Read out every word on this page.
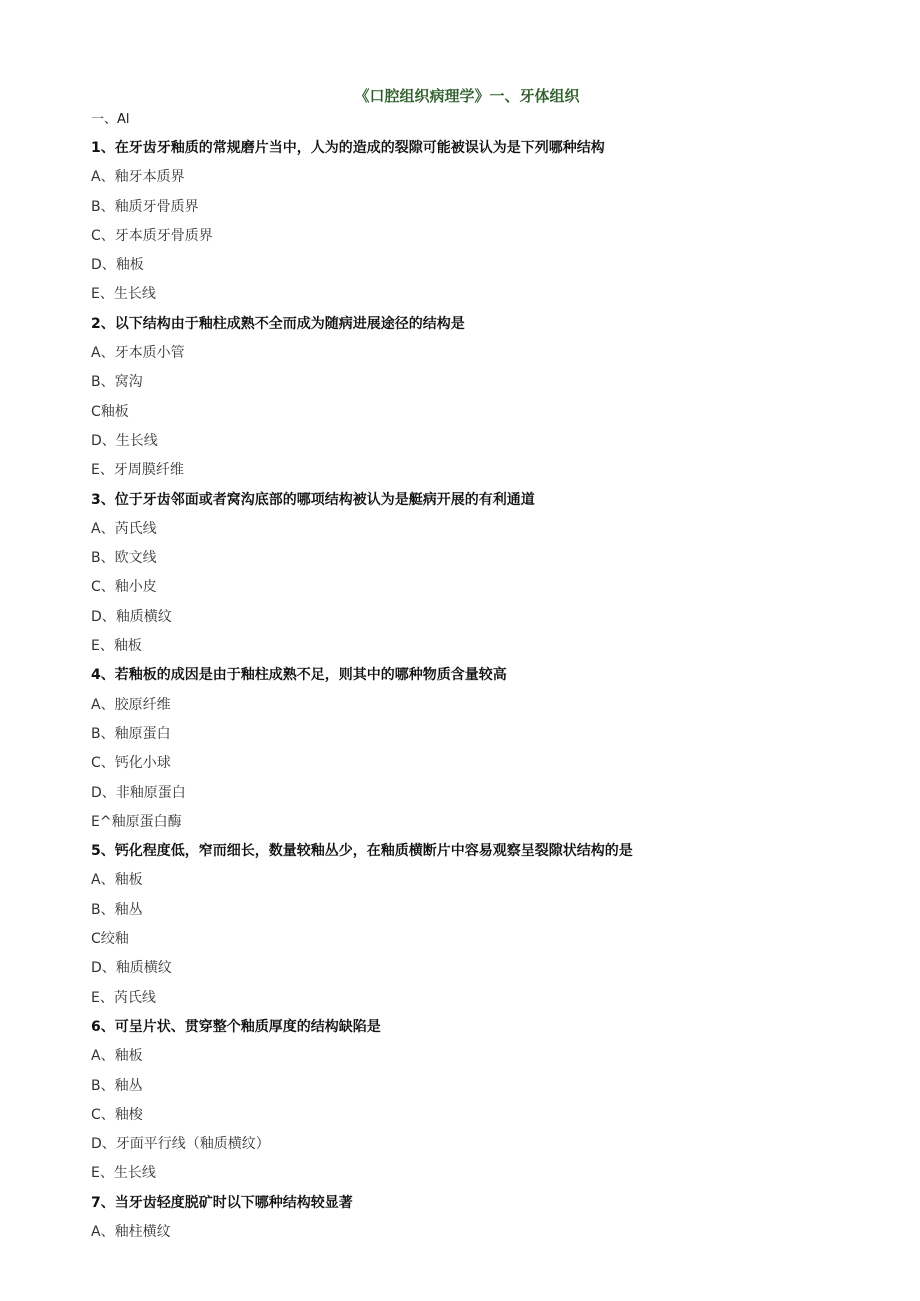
《口腔组织病理学》一、牙体组织
一、Al
1、在牙齿牙釉质的常规磨片当中，人为的造成的裂隙可能被误认为是下列哪种结构
A、釉牙本质界
B、釉质牙骨质界
C、牙本质牙骨质界
D、釉板
E、生长线
2、以下结构由于釉柱成熟不全而成为随病进展途径的结构是
A、牙本质小管
B、窝沟
C釉板
D、生长线
E、牙周膜纤维
3、位于牙齿邻面或者窝沟底部的哪项结构被认为是艇病开展的有利通道
A、芮氏线
B、欧文线
C、釉小皮
D、釉质横纹
E、釉板
4、若釉板的成因是由于釉柱成熟不足，则其中的哪种物质含量较高
A、胶原纤维
B、釉原蛋白
C、钙化小球
D、非釉原蛋白
E^釉原蛋白酶
5、钙化程度低，窄而细长，数量较釉丛少，在釉质横断片中容易观察呈裂隙状结构的是
A、釉板
B、釉丛
C绞釉
D、釉质横纹
E、芮氏线
6、可呈片状、贯穿整个釉质厚度的结构缺陷是
A、釉板
B、釉丛
C、釉梭
D、牙面平行线（釉质横纹）
E、生长线
7、当牙齿轻度脱矿时以下哪种结构较显著
A、釉柱横纹
